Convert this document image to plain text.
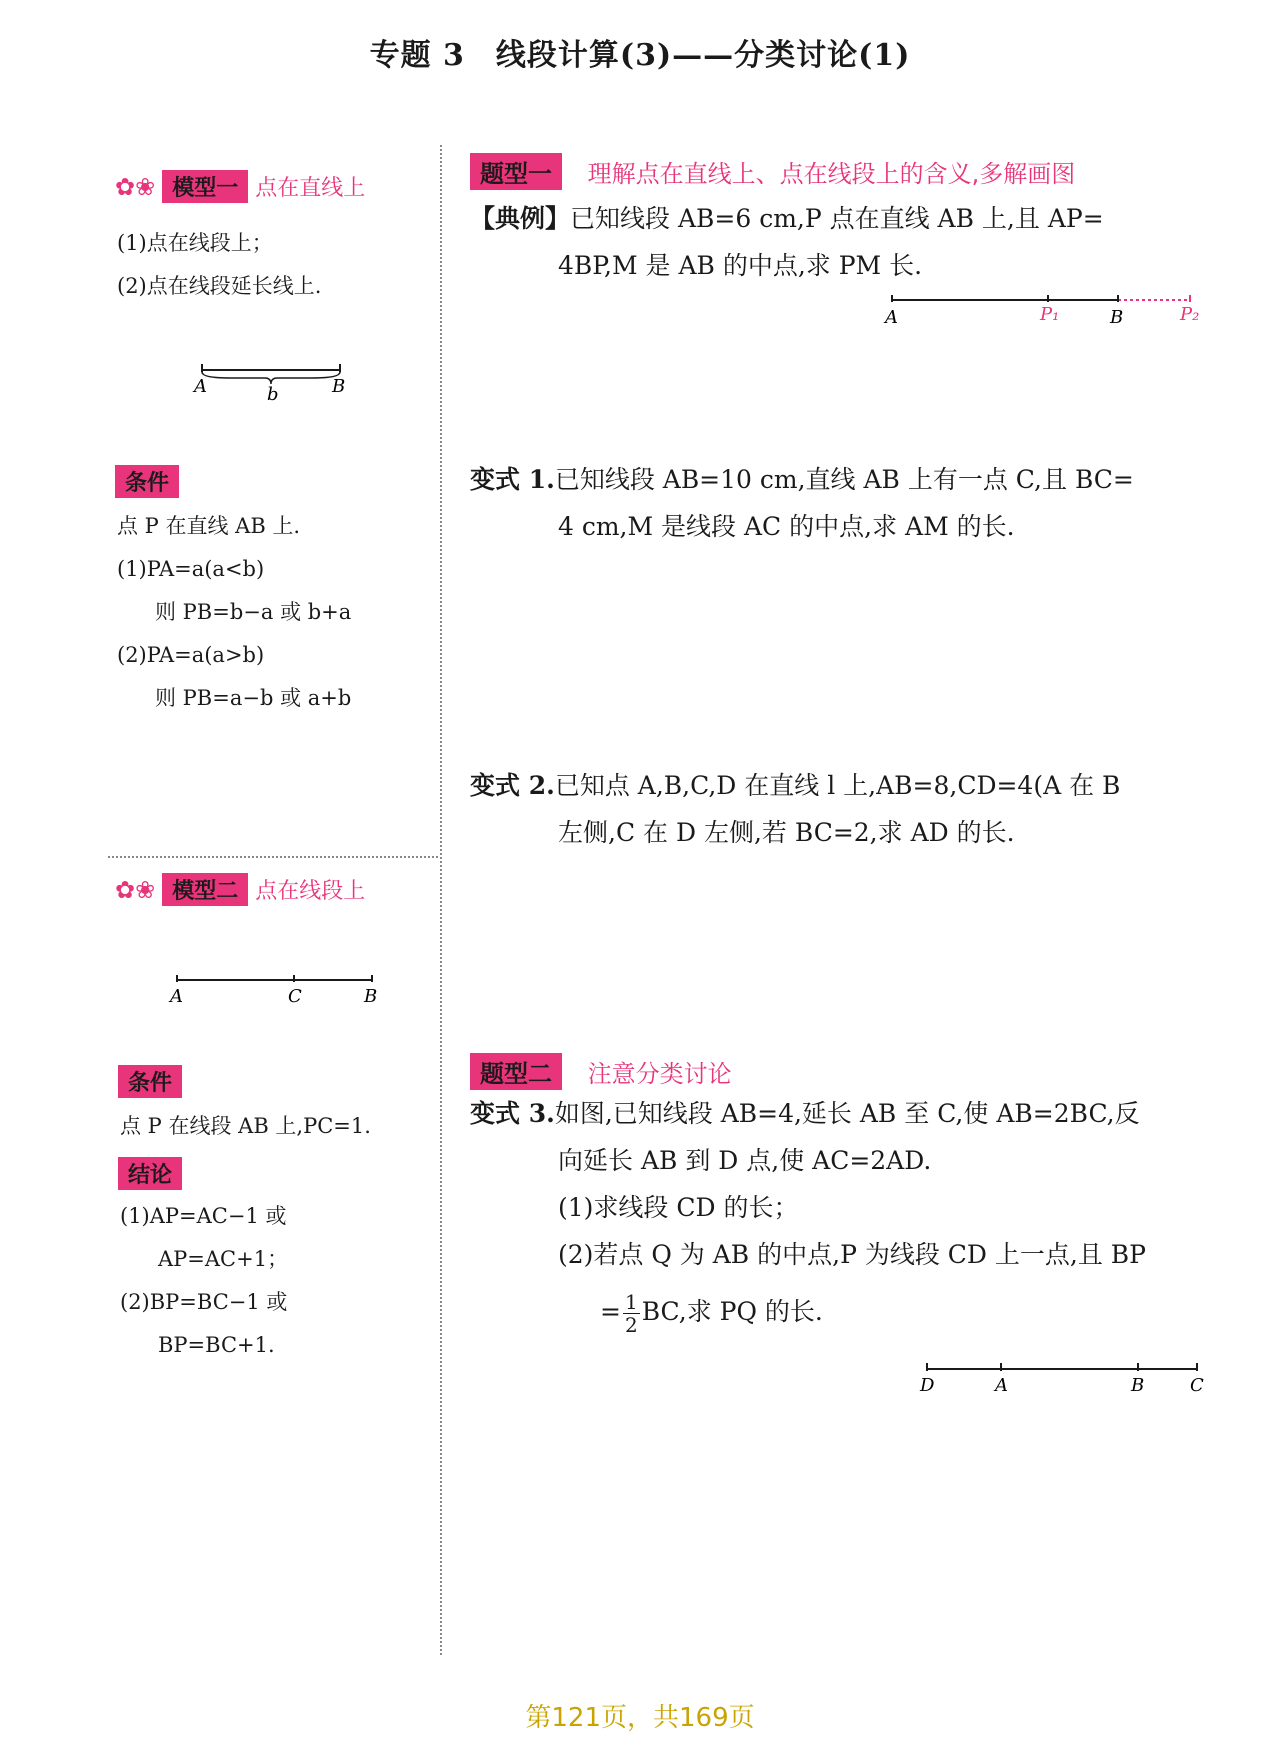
专题 3　线段计算(3)——分类讨论(1)
✿❀ 模型一 点在直线上
(1)点在线段上；
(2)点在线段延长线上.
A	b	B
条件
点 P 在直线 AB 上.
(1)PA=a(a<b)
则 PB=b−a 或 b+a
(2)PA=a(a>b)
则 PB=a−b 或 a+b
✿❀ 模型二 点在线段上
A	C	B
条件
点 P 在线段 AB 上,PC=1.
结论
(1)AP=AC−1 或
AP=AC+1；
(2)BP=BC−1 或
BP=BC+1.
题型一 理解点在直线上、点在线段上的含义,多解画图
【典例】已知线段 AB=6 cm,P 点在直线 AB 上,且 AP=
4BP,M 是 AB 的中点,求 PM 长.
A	P₁	B	P₂
变式 1.已知线段 AB=10 cm,直线 AB 上有一点 C,且 BC=
4 cm,M 是线段 AC 的中点,求 AM 的长.
变式 2.已知点 A,B,C,D 在直线 l 上,AB=8,CD=4(A 在 B
左侧,C 在 D 左侧,若 BC=2,求 AD 的长.
题型二 注意分类讨论
变式 3.如图,已知线段 AB=4,延长 AB 至 C,使 AB=2BC,反
向延长 AB 到 D 点,使 AC=2AD.
(1)求线段 CD 的长；
(2)若点 Q 为 AB 的中点,P 为线段 CD 上一点,且 BP
= $\frac{1}{2}$ BC,求 PQ 的长.
D	A	B	C
第121页，共169页
